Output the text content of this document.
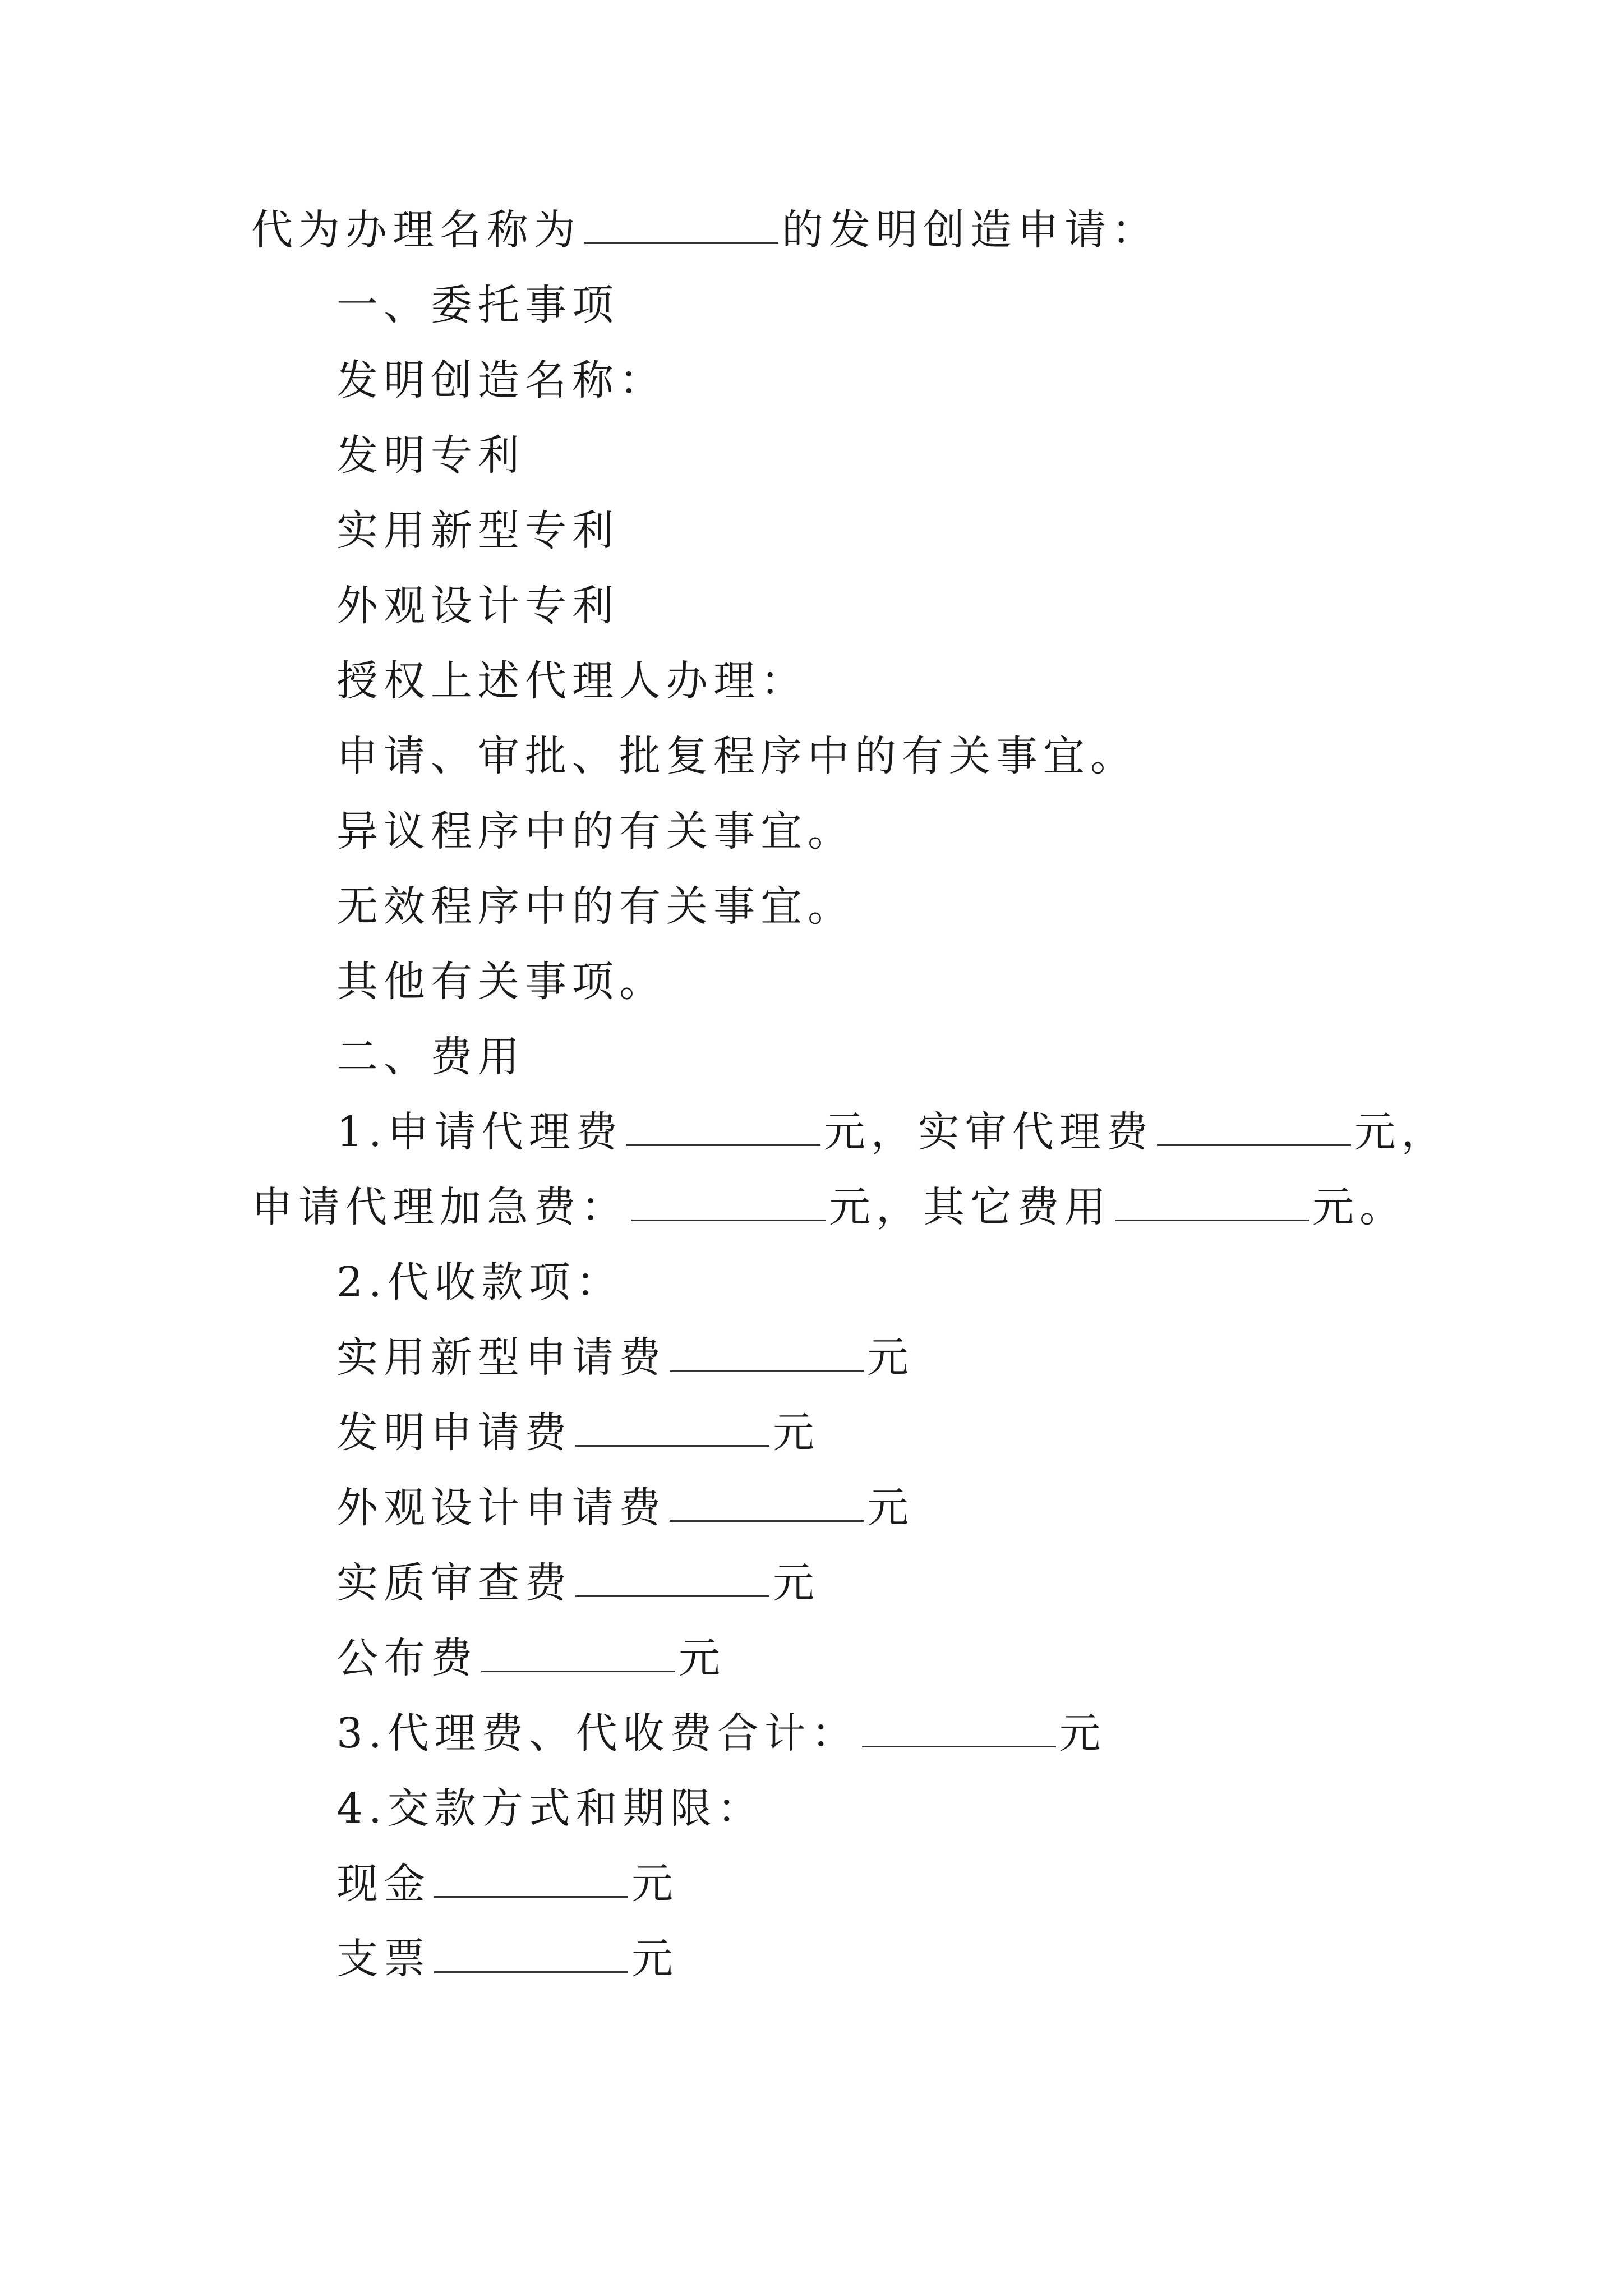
代为办理名称为	的发明创造申请：
一、委托事项
发明创造名称：
发明专利
实用新型专利
外观设计专利
授权上述代理人办理：
申请、审批、批复程序中的有关事宜。
异议程序中的有关事宜。
无效程序中的有关事宜。
其他有关事项。
二、费用
1.申请代理费	元，实审代理费	元，
申请代理加急费：	元，其它费用	元。
2.代收款项：
实用新型申请费	元
发明申请费	元
外观设计申请费	元
实质审查费	元
公布费	元
3.代理费、代收费合计：	元
4.交款方式和期限：
现金	元
支票	元
